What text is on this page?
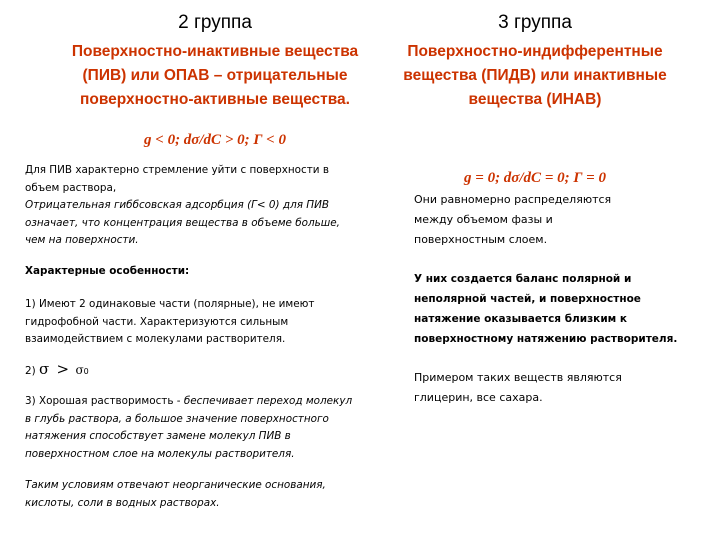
2 группа
Поверхностно-инактивные вещества
(ПИВ) или ОПАВ – отрицательные
поверхностно-активные вещества.
g < 0; dσ/dC > 0; Г < 0
Для ПИВ характерно стремление уйти с поверхности в
объем раствора,
Отрицательная гиббсовская адсорбция (Г< 0) для ПИВ
означает, что концентрация вещества в объеме больше,
чем на поверхности.
Характерные особенности:
1) Имеют 2 одинаковые части (полярные), не имеют
гидрофобной части. Характеризуются сильным
взаимодействием с молекулами растворителя.
2) σ > σ0
3) Хорошая растворимость - беспечивает переход молекул
в глубь раствора, а большое значение поверхностного
натяжения способствует замене молекул ПИВ в
поверхностном слое на молекулы растворителя.
Таким условиям отвечают неорганические основания,
кислоты, соли в водных растворах.
3 группа
Поверхностно-индифферентные
вещества (ПИДВ) или инактивные
вещества (ИНАВ)
g = 0; dσ/dC = 0; Г = 0
Они равномерно распределяются
между объемом фазы и
поверхностным слоем.
У них создается баланс полярной и
неполярной частей, и поверхностное
натяжение оказывается близким к
поверхностному натяжению растворителя.
Примером таких веществ являются
глицерин, все сахара.
